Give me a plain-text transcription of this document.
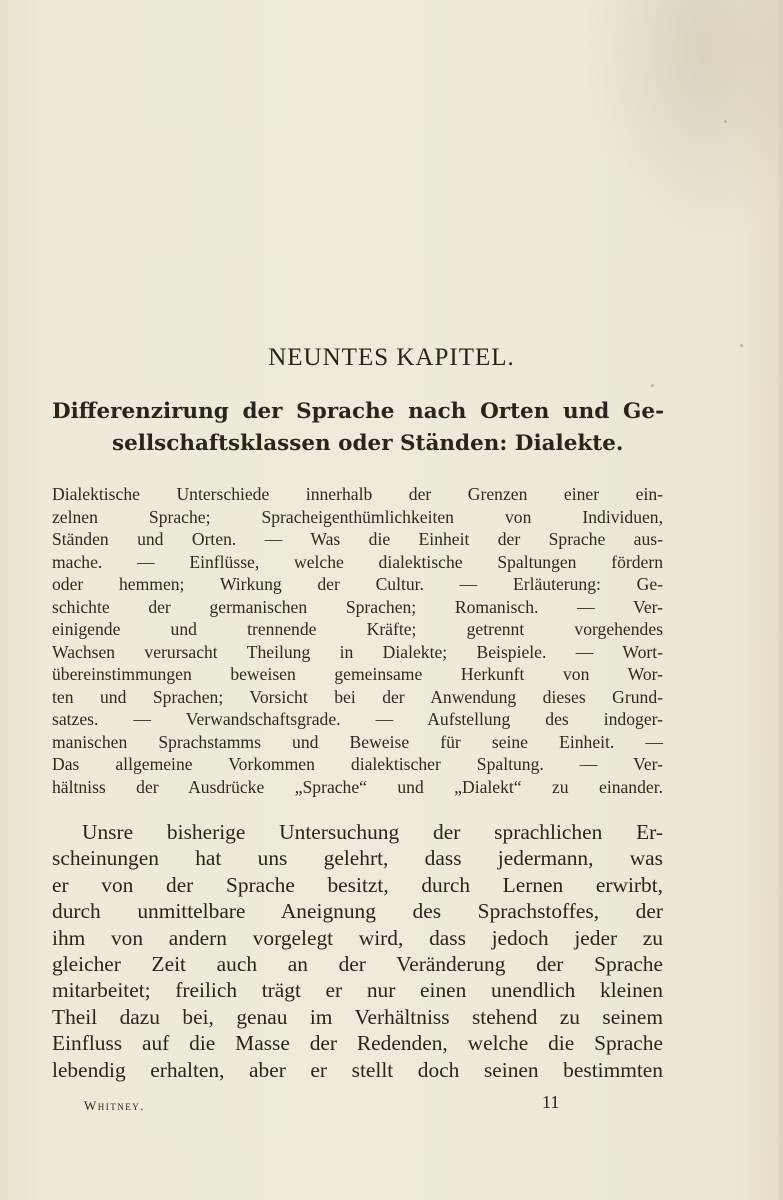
NEUNTES KAPITEL.
Differenzirung der Sprache nach Orten und Ge-
sellschaftsklassen oder Ständen: Dialekte.
Dialektische Unterschiede innerhalb der Grenzen einer ein-
zelnen Sprache; Spracheigenthümlichkeiten von Individuen,
Ständen und Orten. — Was die Einheit der Sprache aus-
mache. — Einflüsse, welche dialektische Spaltungen fördern
oder hemmen; Wirkung der Cultur. — Erläuterung: Ge-
schichte der germanischen Sprachen; Romanisch. — Ver-
einigende und trennende Kräfte; getrennt vorgehendes
Wachsen verursacht Theilung in Dialekte; Beispiele. — Wort-
übereinstimmungen beweisen gemeinsame Herkunft von Wor-
ten und Sprachen; Vorsicht bei der Anwendung dieses Grund-
satzes. — Verwandschaftsgrade. — Aufstellung des indoger-
manischen Sprachstamms und Beweise für seine Einheit. —
Das allgemeine Vorkommen dialektischer Spaltung. — Ver-
hältniss der Ausdrücke „Sprache“ und „Dialekt“ zu einander.
Unsre bisherige Untersuchung der sprachlichen Er-
scheinungen hat uns gelehrt, dass jedermann, was
er von der Sprache besitzt, durch Lernen erwirbt,
durch unmittelbare Aneignung des Sprachstoffes, der
ihm von andern vorgelegt wird, dass jedoch jeder zu
gleicher Zeit auch an der Veränderung der Sprache
mitarbeitet; freilich trägt er nur einen unendlich kleinen
Theil dazu bei, genau im Verhältniss stehend zu seinem
Einfluss auf die Masse der Redenden, welche die Sprache
lebendig erhalten, aber er stellt doch seinen bestimmten
Whitney.	11
